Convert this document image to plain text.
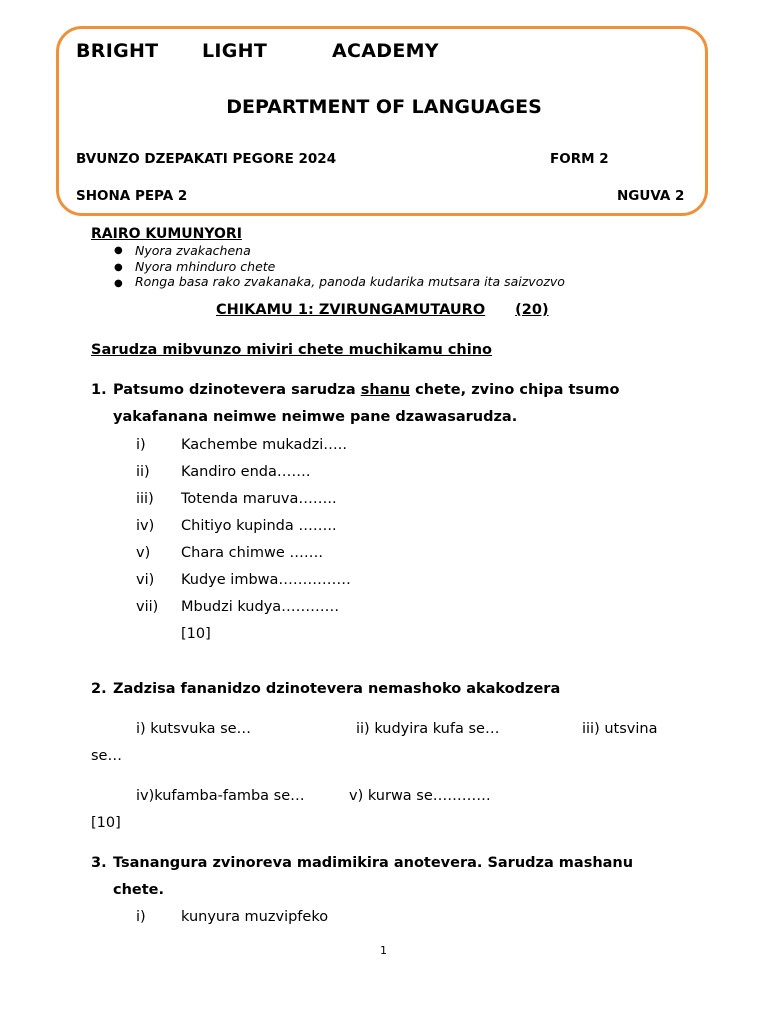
BRIGHT LIGHT	ACADEMY
DEPARTMENT OF LANGUAGES
BVUNZO DZEPAKATI PEGORE 2024	FORM 2
SHONA PEPA 2	NGUVA 2
RAIRO KUMUNYORI
● Nyora zvakachena
● Nyora mhinduro chete
● Ronga basa rako zvakanaka, panoda kudarika mutsara ita saizvozvo
CHIKAMU 1: ZVIRUNGAMUTAURO (20)
Sarudza mibvunzo miviri chete muchikamu chino
1. Patsumo dzinotevera sarudza shanu chete, zvino chipa tsumo
yakafanana neimwe neimwe pane dzawasarudza.
i) Kachembe mukadzi…..
ii) Kandiro enda…….
iii) Totenda maruva……..
iv) Chitiyo kupinda ……..
v) Chara chimwe …….
vi) Kudye imbwa……………
vii) Mbudzi kudya…………
[10]
2. Zadzisa fananidzo dzinotevera nemashoko akakodzera
i) kutsvuka se…	ii) kudyira kufa se…	iii) utsvina
se…
iv)kufamba-famba se…	v) kurwa se…………
[10]
3. Tsanangura zvinoreva madimikira anotevera. Sarudza mashanu
chete.
i) kunyura muzvipfeko
1
